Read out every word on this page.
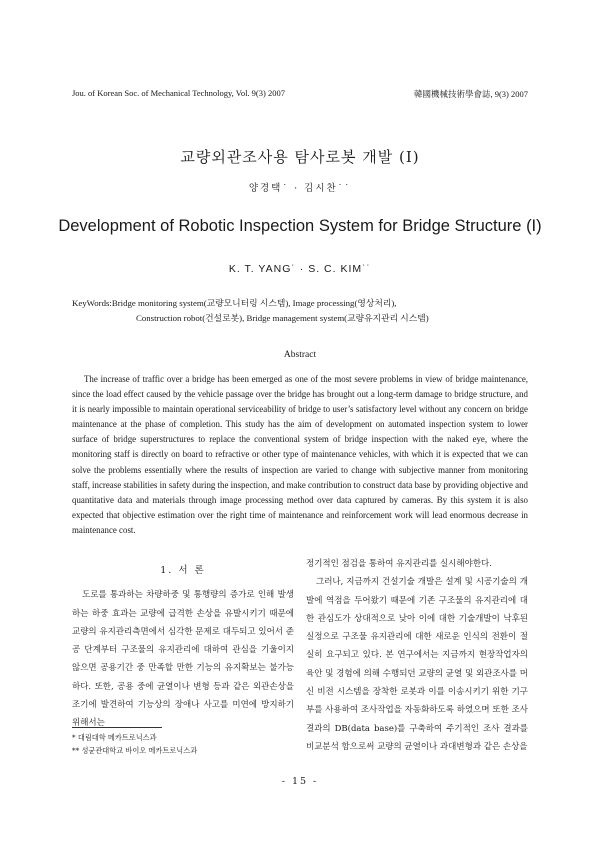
Jou. of Korean Soc. of Mechanical Technology, Vol. 9(3) 2007	韓國機械技術學會誌, 9(3) 2007
교량외관조사용 탐사로봇 개발 (I)
양경택˙ · 김시찬˙˙
Development of Robotic Inspection System for Bridge Structure (I)
K. T. YANG˙ · S. C. KIM˙˙
KeyWords:Bridge monitoring system(교량모니터링 시스템), Image processing(영상처리),
Construction robot(건설로봇), Bridge management system(교량유지관리 시스템)
Abstract

The increase of traffic over a bridge has been emerged as one of the most severe problems in view of bridge maintenance, since the load effect caused by the vehicle passage over the bridge has brought out a long-term damage to bridge structure, and it is nearly impossible to maintain operational serviceability of bridge to user’s satisfactory level without any concern on bridge maintenance at the phase of completion. This study has the aim of development on automated inspection system to lower surface of bridge superstructures to replace the conventional system of bridge inspection with the naked eye, where the monitoring staff is directly on board to refractive or other type of maintenance vehicles, with which it is expected that we can solve the problems essentially where the results of inspection are varied to change with subjective manner from monitoring staff, increase stabilities in safety during the inspection, and make contribution to construct data base by providing objective and quantitative data and materials through image processing method over data captured by cameras. By this system it is also expected that objective estimation over the right time of maintenance and reinforcement work will lead enormous decrease in maintenance cost.

1. 서 론

도로를 통과하는 차량하중 및 통행량의 증가로 인해 발생하는 하중 효과는 교량에 급격한 손상을 유발시키기 때문에 교량의 유지관리측면에서 심각한 문제로 대두되고 있어서 준공 단계부터 구조물의 유지관리에 대하여 관심을 기울이지 않으면 공용기간 중 만족할 만한 기능의 유지확보는 불가능하다. 또한, 공용 중에 균열이나 변형 등과 같은 외관손상을 조기에 발견하여 기능상의 장애나 사고를 미연에 방지하기 위해서는

정기적인 점검을 통하여 유지관리를 실시해야한다.

그러나, 지금까지 건설기술 개발은 설계 및 시공기술의 개발에 역점을 두어왔기 때문에 기존 구조물의 유지관리에 대한 관심도가 상대적으로 낮아 이에 대한 기술개발이 낙후된 실정으로 구조물 유지관리에 대한 새로운 인식의 전환이 절실히 요구되고 있다. 본 연구에서는 지금까지 현장작업자의 육안 및 경험에 의해 수행되던 교량의 균열 및 외관조사를 머신 비전 시스템을 장착한 로봇과 이를 이송시키기 위한 기구부를 사용하여 조사작업을 자동화하도록 하였으며 또한 조사결과의 DB(data base)를 구축하여 주기적인 조사 결과를 비교분석 함으로써 교량의 균열이나 과대변형과 같은 손상을

* 대림대학 메카트로닉스과
** 성균관대학교 바이오 메카트로닉스과
- 15 -
